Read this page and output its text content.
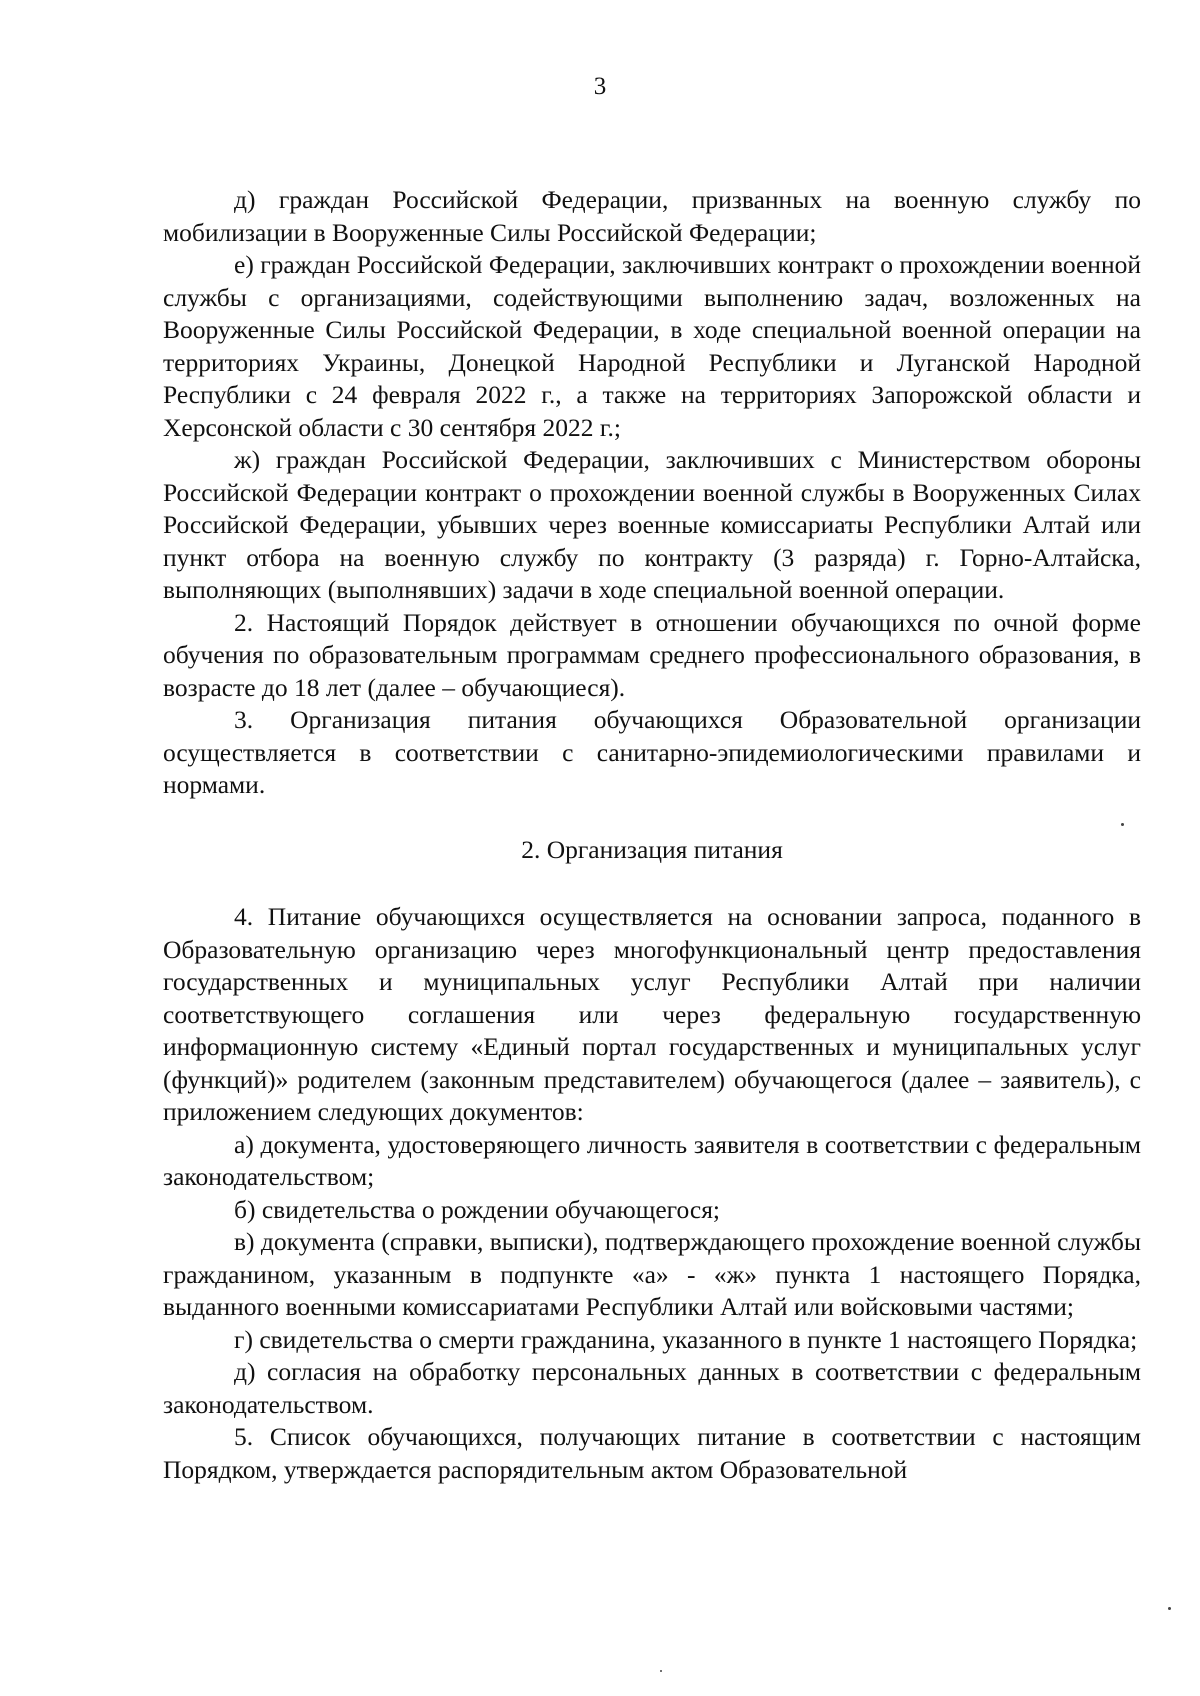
3

д) граждан Российской Федерации, призванных на военную службу по мобилизации в Вооруженные Силы Российской Федерации;

е) граждан Российской Федерации, заключивших контракт о прохождении военной службы с организациями, содействующими выполнению задач, возложенных на Вооруженные Силы Российской Федерации, в ходе специальной военной операции на территориях Украины, Донецкой Народной Республики и Луганской Народной Республики с 24 февраля 2022 г., а также на территориях Запорожской области и Херсонской области с 30 сентября 2022 г.;

ж) граждан Российской Федерации, заключивших с Министерством обороны Российской Федерации контракт о прохождении военной службы в Вооруженных Силах Российской Федерации, убывших через военные комиссариаты Республики Алтай или пункт отбора на военную службу по контракту (3 разряда) г. Горно-Алтайска, выполняющих (выполнявших) задачи в ходе специальной военной операции.

2. Настоящий Порядок действует в отношении обучающихся по очной форме обучения по образовательным программам среднего профессионального образования, в возрасте до 18 лет (далее – обучающиеся).

3. Организация питания обучающихся Образовательной организации осуществляется в соответствии с санитарно-эпидемиологическими правилами и нормами.

2. Организация питания

4. Питание обучающихся осуществляется на основании запроса, поданного в Образовательную организацию через многофункциональный центр предоставления государственных и муниципальных услуг Республики Алтай при наличии соответствующего соглашения или через федеральную государственную информационную систему «Единый портал государственных и муниципальных услуг (функций)» родителем (законным представителем) обучающегося (далее – заявитель), с приложением следующих документов:

а) документа, удостоверяющего личность заявителя в соответствии с федеральным законодательством;

б) свидетельства о рождении обучающегося;

в) документа (справки, выписки), подтверждающего прохождение военной службы гражданином, указанным в подпункте «а» - «ж» пункта 1 настоящего Порядка, выданного военными комиссариатами Республики Алтай или войсковыми частями;

г) свидетельства о смерти гражданина, указанного в пункте 1 настоящего Порядка;

д) согласия на обработку персональных данных в соответствии с федеральным законодательством.

5. Список обучающихся, получающих питание в соответствии с настоящим Порядком, утверждается распорядительным актом Образовательной
